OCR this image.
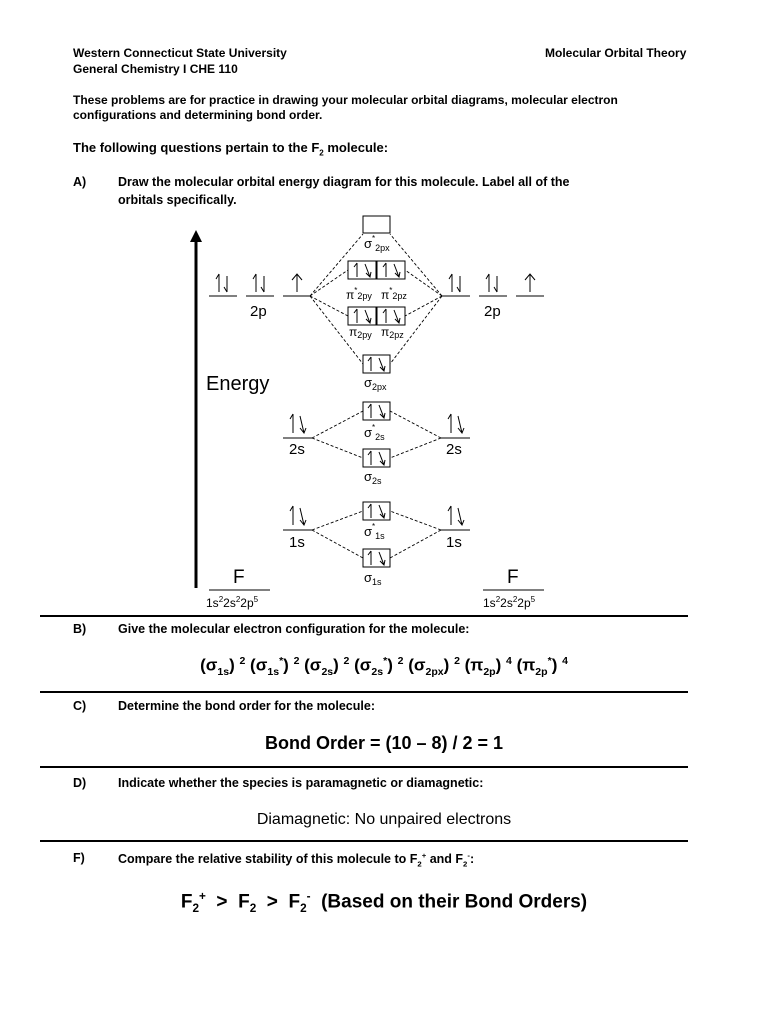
Western Connecticut State University
General Chemistry I CHE 110
Molecular Orbital Theory
These problems are for practice in drawing your molecular orbital diagrams, molecular electron
configurations and determining bond order.
The following questions pertain to the $F_2$ molecule:
A)	Draw the molecular orbital energy diagram for this molecule. Label all of the
orbitals specifically.
Energy
2p	2p
$\sigma^*_{2px}$
$\pi^*_{2py}$ $\pi^*_{2pz}$
π2py π2pz
$\sigma_{2px}$
2s	2s
$\sigma^*_{2s}$
$\sigma_{2s}$
1s	1s
$\sigma^*_{1s}$
$\sigma_{1s}$
F
$1s^22s^22p^5$
F
$1s^22s^22p^5$
B)	Give the molecular electron configuration for the molecule:
$(\sigma_{1s})$ $^2$ $(\sigma_{1s}^*)$ $^2$ $(\sigma_{2s})$ $^2$ $(\sigma_{2s}^*)$ $^2$ $(\sigma_{2px})$ $^2$ $(\pi_{2p})$ $^4$ $(\pi_{2p}^*)$ $^4$
C)	Determine the bond order for the molecule:
Bond Order = (10 – 8) / 2 = 1
D)	Indicate whether the species is paramagnetic or diamagnetic:
Diamagnetic: No unpaired electrons
F)	Compare the relative stability of this molecule to $F_2^+$ and $F_2^-$:
$F_2^+ > F_2 > F_2^-$  (Based on their Bond Orders)
